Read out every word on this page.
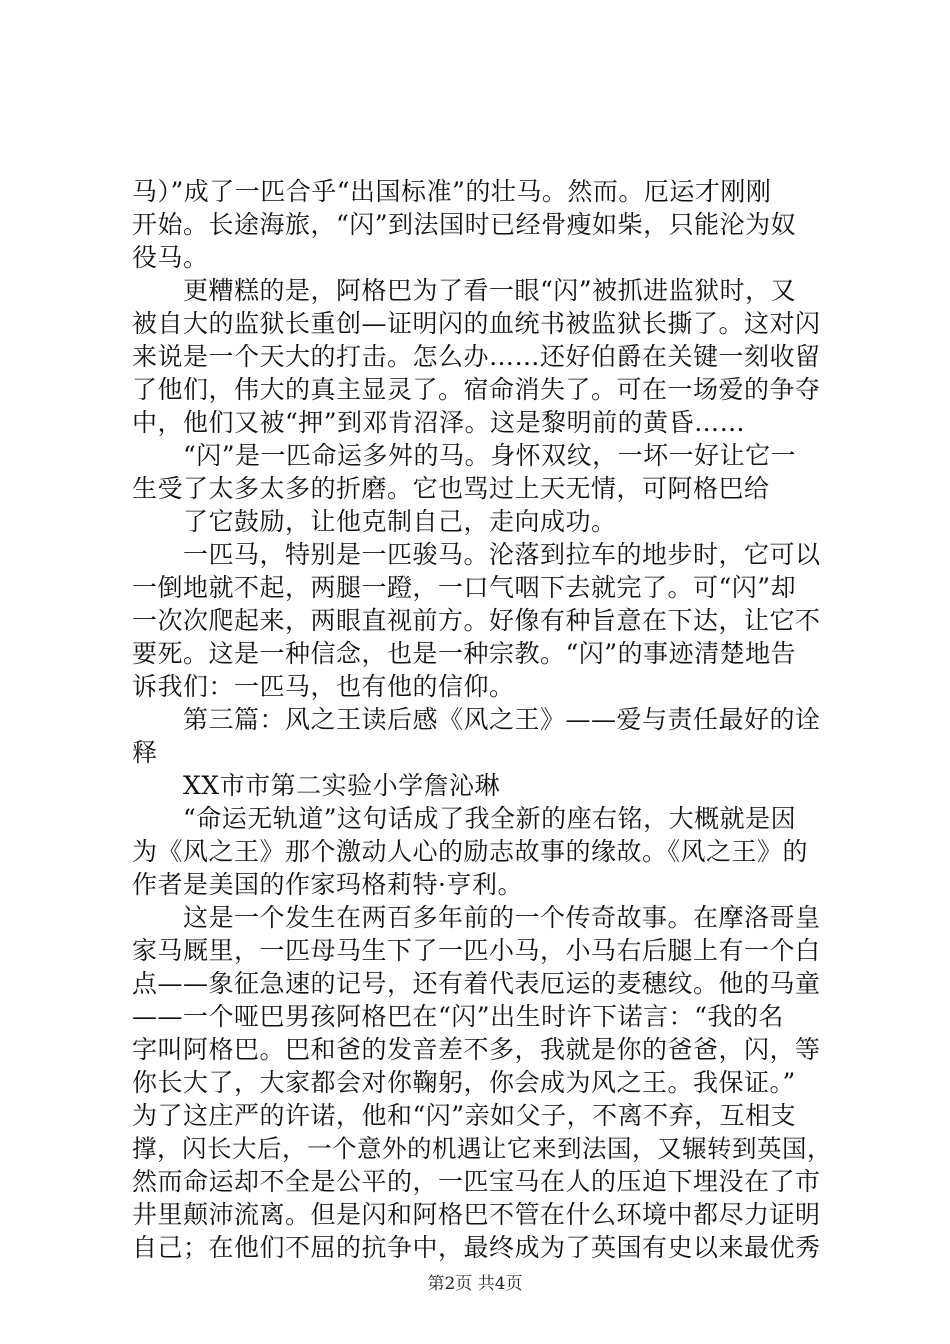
马）”成了一匹合乎“出国标准”的壮马。然而。厄运才刚刚
开始。长途海旅，“闪”到法国时已经骨瘦如柴，只能沦为奴
役马。
　　更糟糕的是，阿格巴为了看一眼“闪”被抓进监狱时，又
被自大的监狱长重创—证明闪的血统书被监狱长撕了。这对闪
来说是一个天大的打击。怎么办……还好伯爵在关键一刻收留
了他们，伟大的真主显灵了。宿命消失了。可在一场爱的争夺
中，他们又被“押”到邓肯沼泽。这是黎明前的黄昏……
　　“闪”是一匹命运多舛的马。身怀双纹，一坏一好让它一
生受了太多太多的折磨。它也骂过上天无情，可阿格巴给
　　了它鼓励，让他克制自己，走向成功。
　　一匹马，特别是一匹骏马。沦落到拉车的地步时，它可以
一倒地就不起，两腿一蹬，一口气咽下去就完了。可“闪”却
一次次爬起来，两眼直视前方。好像有种旨意在下达，让它不
要死。这是一种信念，也是一种宗教。“闪”的事迹清楚地告
诉我们：一匹马，也有他的信仰。
　　第三篇：风之王读后感《风之王》——爱与责任最好的诠
释
　　XX市市第二实验小学詹沁琳
　　“命运无轨道”这句话成了我全新的座右铭，大概就是因
为《风之王》那个激动人心的励志故事的缘故。《风之王》的
作者是美国的作家玛格莉特·亨利。
　　这是一个发生在两百多年前的一个传奇故事。在摩洛哥皇
家马厩里，一匹母马生下了一匹小马，小马右后腿上有一个白
点——象征急速的记号，还有着代表厄运的麦穗纹。他的马童
——一个哑巴男孩阿格巴在“闪”出生时许下诺言：“我的名
字叫阿格巴。巴和爸的发音差不多，我就是你的爸爸，闪，等
你长大了，大家都会对你鞠躬，你会成为风之王。我保证。”
为了这庄严的许诺，他和“闪”亲如父子，不离不弃，互相支
撑，闪长大后，一个意外的机遇让它来到法国，又辗转到英国，
然而命运却不全是公平的，一匹宝马在人的压迫下埋没在了市
井里颠沛流离。但是闪和阿格巴不管在什么环境中都尽力证明
自己；在他们不屈的抗争中，最终成为了英国有史以来最优秀
第2页 共4页
